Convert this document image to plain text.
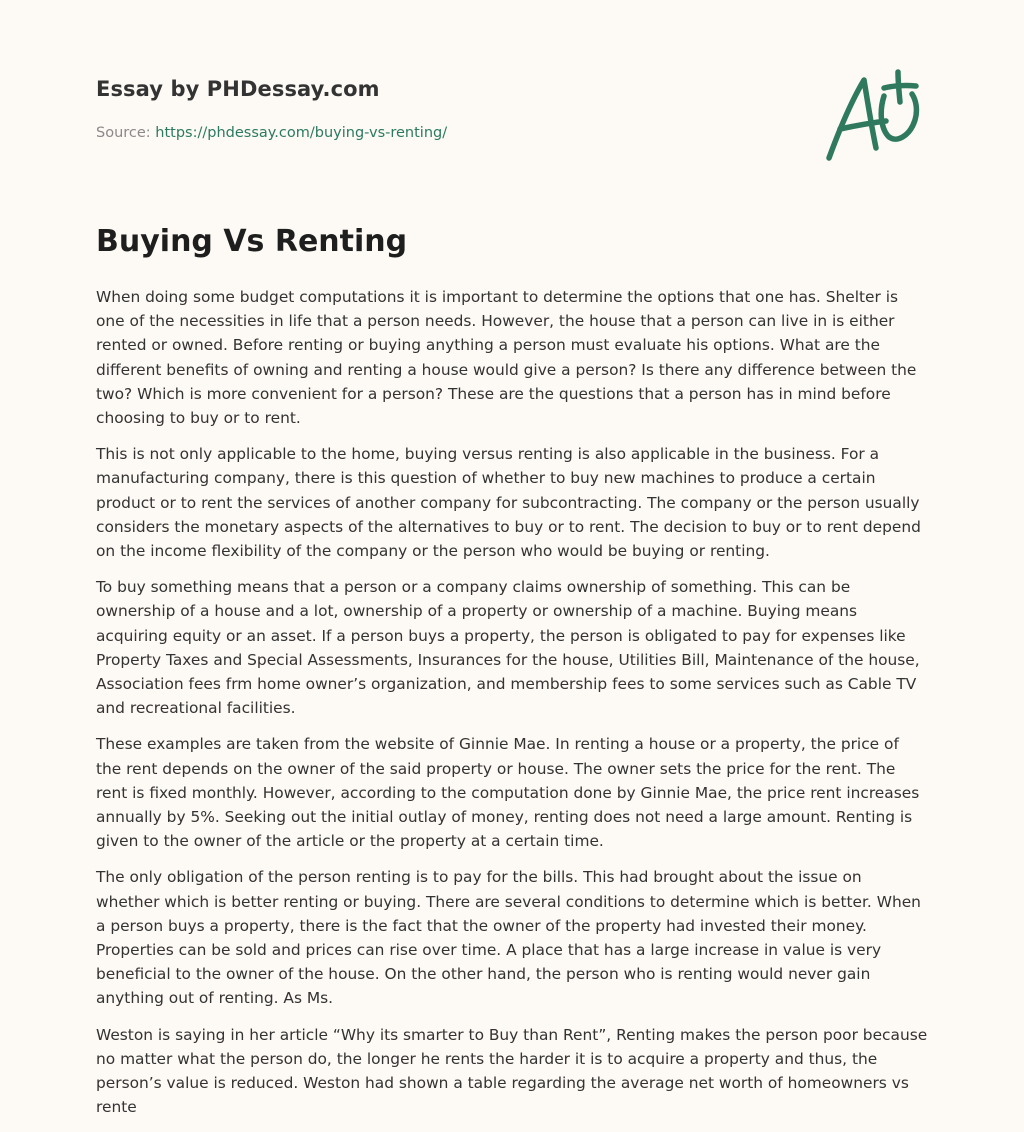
Essay by PHDessay.com
Source: https://phdessay.com/buying-vs-renting/
Buying Vs Renting

When doing some budget computations it is important to determine the options that one has. Shelter is one of the necessities in life that a person needs. However, the house that a person can live in is either rented or owned. Before renting or buying anything a person must evaluate his options. What are the different benefits of owning and renting a house would give a person? Is there any difference between the two? Which is more convenient for a person? These are the questions that a person has in mind before choosing to buy or to rent.

This is not only applicable to the home, buying versus renting is also applicable in the business. For a manufacturing company, there is this question of whether to buy new machines to produce a certain product or to rent the services of another company for subcontracting. The company or the person usually considers the monetary aspects of the alternatives to buy or to rent. The decision to buy or to rent depend on the income flexibility of the company or the person who would be buying or renting.

To buy something means that a person or a company claims ownership of something. This can be ownership of a house and a lot, ownership of a property or ownership of a machine. Buying means acquiring equity or an asset. If a person buys a property, the person is obligated to pay for expenses like Property Taxes and Special Assessments, Insurances for the house, Utilities Bill, Maintenance of the house, Association fees frm home owner’s organization, and membership fees to some services such as Cable TV and recreational facilities.

These examples are taken from the website of Ginnie Mae. In renting a house or a property, the price of the rent depends on the owner of the said property or house. The owner sets the price for the rent. The rent is fixed monthly. However, according to the computation done by Ginnie Mae, the price rent increases annually by 5%. Seeking out the initial outlay of money, renting does not need a large amount. Renting is given to the owner of the article or the property at a certain time.

The only obligation of the person renting is to pay for the bills. This had brought about the issue on whether which is better renting or buying. There are several conditions to determine which is better. When a person buys a property, there is the fact that the owner of the property had invested their money. Properties can be sold and prices can rise over time. A place that has a large increase in value is very beneficial to the owner of the house. On the other hand, the person who is renting would never gain anything out of renting. As Ms.

Weston is saying in her article “Why its smarter to Buy than Rent”, Renting makes the person poor because no matter what the person do, the longer he rents the harder it is to acquire a property and thus, the person’s value is reduced. Weston had shown a table regarding the average net worth of homeowners vs rente
